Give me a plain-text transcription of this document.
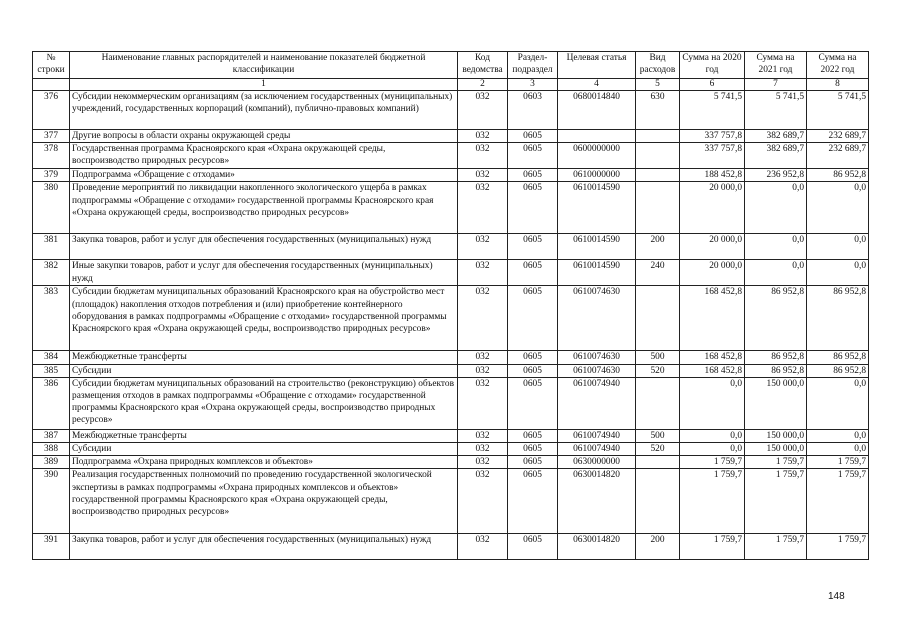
№ строки	Наименование главных распорядителей и наименование показателей бюджетной классификации	Код ведомства	Раздел-подраздел	Целевая статья	Вид расходов	Сумма на 2020 год	Сумма на 2021 год	Сумма на 2022 год
	1	2	3	4	5	6	7	8
376	Субсидии некоммерческим организациям (за исключением государственных (муниципальных) учреждений, государственных корпораций (компаний), публично-правовых компаний)	032	0603	0680014840	630	5 741,5	5 741,5	5 741,5
377	Другие вопросы в области охраны окружающей среды	032	0605			337 757,8	382 689,7	232 689,7
378	Государственная программа Красноярского края «Охрана окружающей среды, воспроизводство природных ресурсов»	032	0605	0600000000		337 757,8	382 689,7	232 689,7
379	Подпрограмма «Обращение с отходами»	032	0605	0610000000		188 452,8	236 952,8	86 952,8
380	Проведение мероприятий по ликвидации накопленного экологического ущерба в рамках подпрограммы «Обращение с отходами» государственной программы Красноярского края «Охрана окружающей среды, воспроизводство природных ресурсов»	032	0605	0610014590		20 000,0	0,0	0,0
381	Закупка товаров, работ и услуг для обеспечения государственных (муниципальных) нужд	032	0605	0610014590	200	20 000,0	0,0	0,0
382	Иные закупки товаров, работ и услуг для обеспечения государственных (муниципальных) нужд	032	0605	0610014590	240	20 000,0	0,0	0,0
383	Субсидии бюджетам муниципальных образований Красноярского края на обустройство мест (площадок) накопления отходов потребления и (или) приобретение контейнерного оборудования в рамках подпрограммы «Обращение с отходами» государственной программы Красноярского края «Охрана окружающей среды, воспроизводство природных ресурсов»	032	0605	0610074630		168 452,8	86 952,8	86 952,8
384	Межбюджетные трансферты	032	0605	0610074630	500	168 452,8	86 952,8	86 952,8
385	Субсидии	032	0605	0610074630	520	168 452,8	86 952,8	86 952,8
386	Субсидии бюджетам муниципальных образований на строительство (реконструкцию) объектов размещения отходов в рамках подпрограммы «Обращение с отходами» государственной программы Красноярского края «Охрана окружающей среды, воспроизводство природных ресурсов»	032	0605	0610074940		0,0	150 000,0	0,0
387	Межбюджетные трансферты	032	0605	0610074940	500	0,0	150 000,0	0,0
388	Субсидии	032	0605	0610074940	520	0,0	150 000,0	0,0
389	Подпрограмма «Охрана природных комплексов и объектов»	032	0605	0630000000		1 759,7	1 759,7	1 759,7
390	Реализация государственных полномочий по проведению государственной экологической экспертизы в рамках подпрограммы «Охрана природных комплексов и объектов» государственной программы Красноярского края «Охрана окружающей среды, воспроизводство природных ресурсов»	032	0605	0630014820		1 759,7	1 759,7	1 759,7
391	Закупка товаров, работ и услуг для обеспечения государственных (муниципальных) нужд	032	0605	0630014820	200	1 759,7	1 759,7	1 759,7
148
